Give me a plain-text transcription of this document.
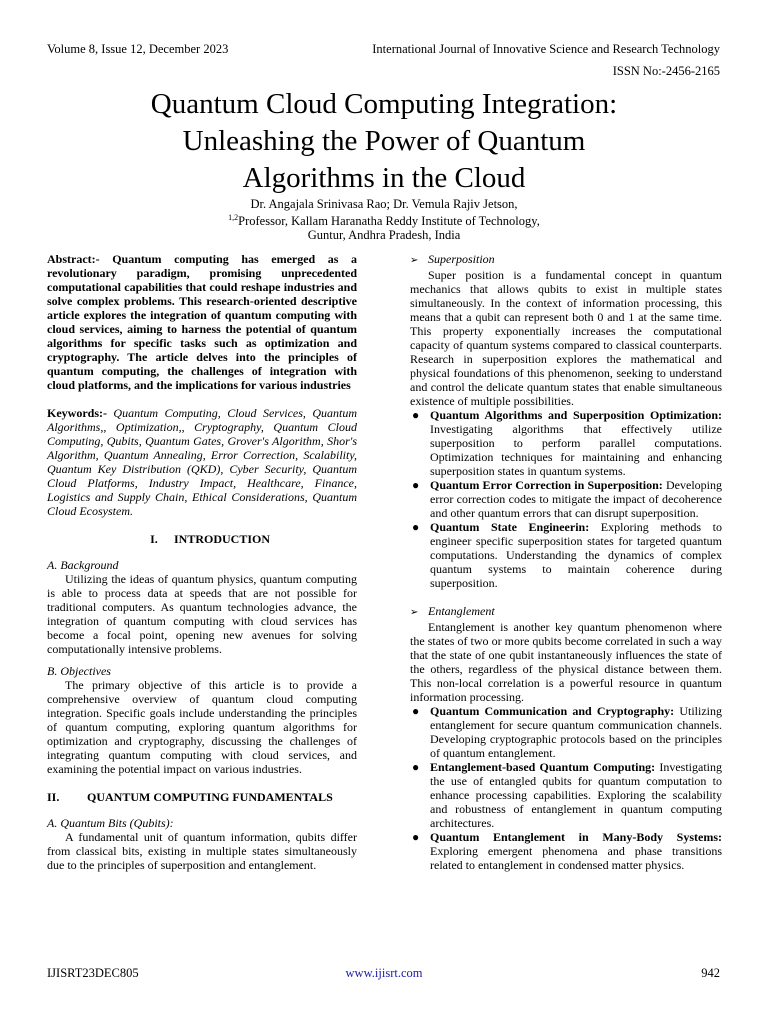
Volume 8, Issue 12, December 2023	International Journal of Innovative Science and Research Technology
ISSN No:-2456-2165
Quantum Cloud Computing Integration:
Unleashing the Power of Quantum
Algorithms in the Cloud
Dr. Angajala Srinivasa Rao; Dr. Vemula Rajiv Jetson,
$^{1,2}$Professor, Kallam Haranatha Reddy Institute of Technology,
Guntur, Andhra Pradesh, India

Abstract:- Quantum computing has emerged as a revolutionary paradigm, promising unprecedented computational capabilities that could reshape industries and solve complex problems. This research-oriented descriptive article explores the integration of quantum computing with cloud services, aiming to harness the potential of quantum algorithms for specific tasks such as optimization and cryptography. The article delves into the principles of quantum computing, the challenges of integration with cloud platforms, and the implications for various industries

Keywords:- Quantum Computing, Cloud Services, Quantum Algorithms,, Optimization,, Cryptography, Quantum Cloud Computing, Qubits, Quantum Gates, Grover's Algorithm, Shor's Algorithm, Quantum Annealing, Error Correction, Scalability, Quantum Key Distribution (QKD), Cyber Security, Quantum Cloud Platforms, Industry Impact, Healthcare, Finance, Logistics and Supply Chain, Ethical Considerations, Quantum Cloud Ecosystem.

I. INTRODUCTION
A. Background

Utilizing the ideas of quantum physics, quantum computing is able to process data at speeds that are not possible for traditional computers. As quantum technologies advance, the integration of quantum computing with cloud services has become a focal point, opening new avenues for solving computationally intensive problems.

B. Objectives

The primary objective of this article is to provide a comprehensive overview of quantum cloud computing integration. Specific goals include understanding the principles of quantum computing, exploring quantum algorithms for optimization and cryptography, discussing the challenges of integrating quantum computing with cloud services, and examining the potential impact on various industries.

II. QUANTUM COMPUTING FUNDAMENTALS
A. Quantum Bits (Qubits):

A fundamental unit of quantum information, qubits differ from classical bits, existing in multiple states simultaneously due to the principles of superposition and entanglement.

➢ Superposition

Super position is a fundamental concept in quantum mechanics that allows qubits to exist in multiple states simultaneously. In the context of information processing, this means that a qubit can represent both 0 and 1 at the same time. This property exponentially increases the computational capacity of quantum systems compared to classical counterparts. Research in superposition explores the mathematical and physical foundations of this phenomenon, seeking to understand and control the delicate quantum states that enable simultaneous existence of multiple possibilities.

● Quantum Algorithms and Superposition Optimization: Investigating algorithms that effectively utilize superposition to perform parallel computations. Optimization techniques for maintaining and enhancing superposition states in quantum systems.
● Quantum Error Correction in Superposition: Developing error correction codes to mitigate the impact of decoherence and other quantum errors that can disrupt superposition.
● Quantum State Engineerin: Exploring methods to engineer specific superposition states for targeted quantum computations. Understanding the dynamics of complex quantum systems to maintain coherence during superposition.
➢ Entanglement

Entanglement is another key quantum phenomenon where the states of two or more qubits become correlated in such a way that the state of one qubit instantaneously influences the state of the others, regardless of the physical distance between them. This non-local correlation is a powerful resource in quantum information processing.

● Quantum Communication and Cryptography: Utilizing entanglement for secure quantum communication channels. Developing cryptographic protocols based on the principles of quantum entanglement.
● Entanglement-based Quantum Computing: Investigating the use of entangled qubits for quantum computation to enhance processing capabilities. Exploring the scalability and robustness of entanglement in quantum computing architectures.
● Quantum Entanglement in Many-Body Systems: Exploring emergent phenomena and phase transitions related to entanglement in condensed matter physics.
IJISRT23DEC805	www.ijisrt.com	942
